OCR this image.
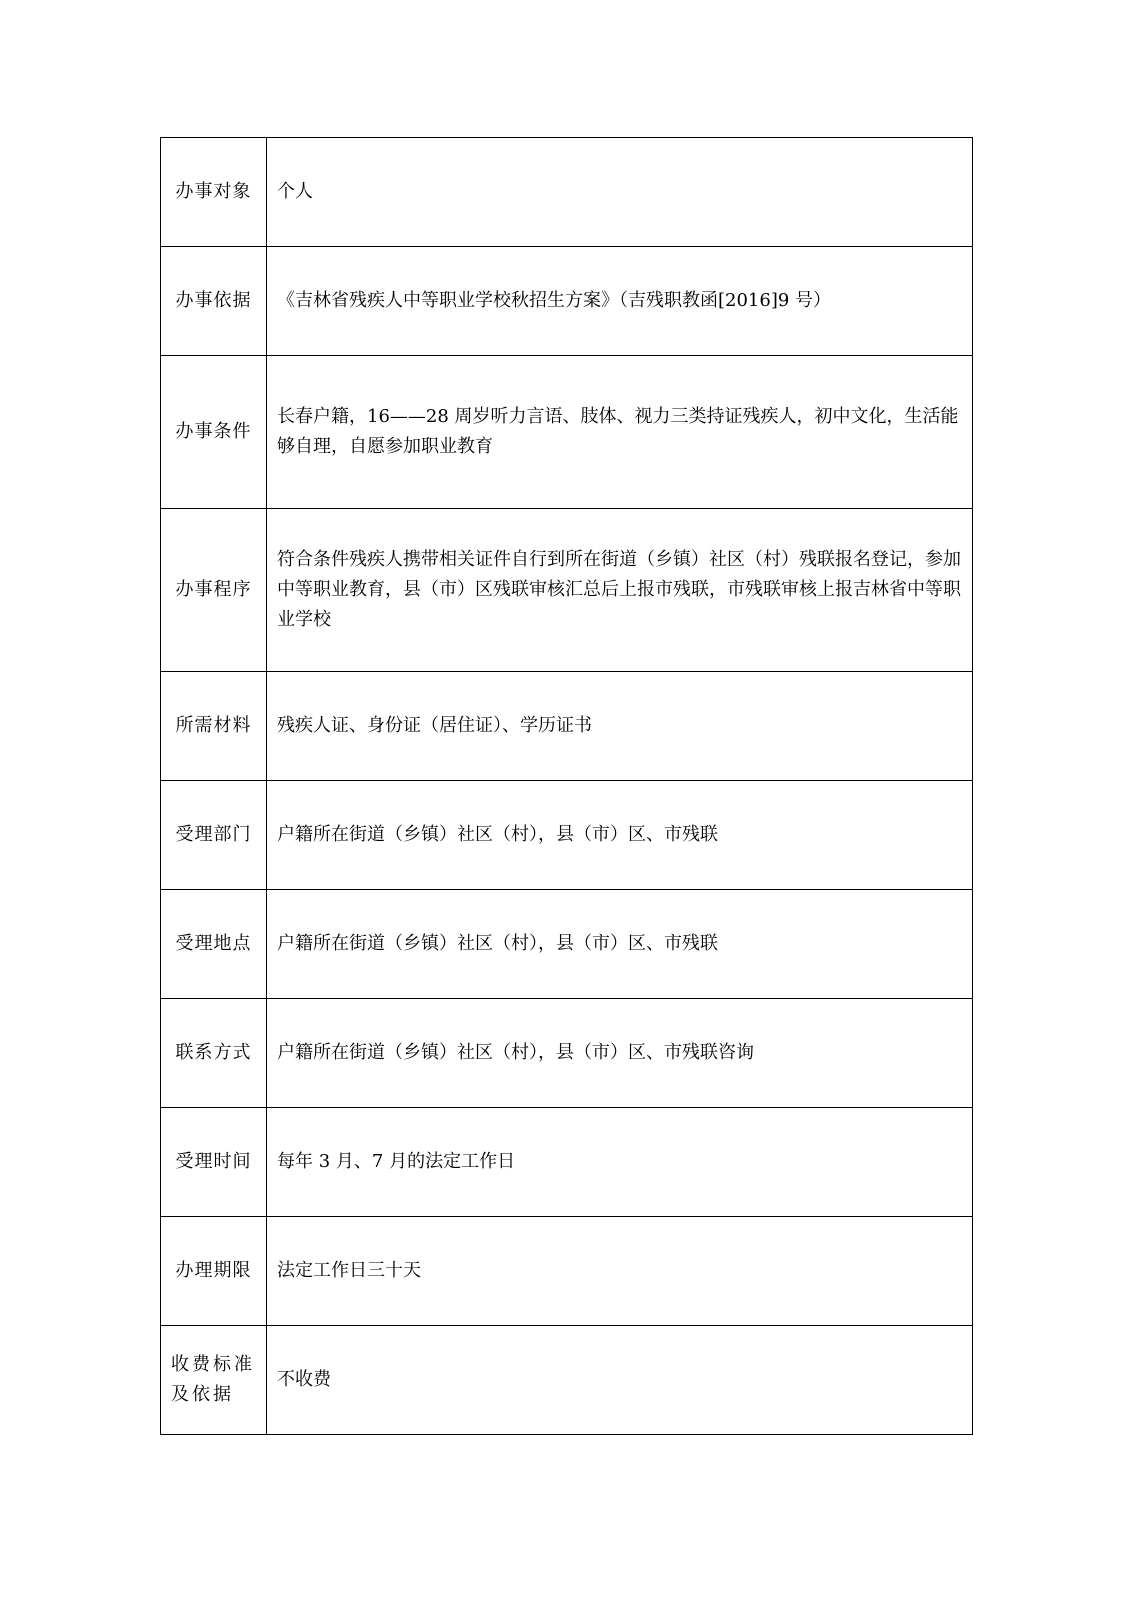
办事对象	个人
办事依据	《吉林省残疾人中等职业学校秋招生方案》（吉残职教函[2016]9 号）
办事条件	长春户籍，16——28 周岁听力言语、肢体、视力三类持证残疾人，初中文化，生活能够自理，自愿参加职业教育
办事程序	符合条件残疾人携带相关证件自行到所在街道（乡镇）社区（村）残联报名登记，参加中等职业教育，县（市）区残联审核汇总后上报市残联，市残联审核上报吉林省中等职业学校
所需材料	残疾人证、身份证（居住证）、学历证书
受理部门	户籍所在街道（乡镇）社区（村），县（市）区、市残联
受理地点	户籍所在街道（乡镇）社区（村），县（市）区、市残联
联系方式	户籍所在街道（乡镇）社区（村），县（市）区、市残联咨询
受理时间	每年 3 月、7 月的法定工作日
办理期限	法定工作日三十天
收费标准及依据	不收费
